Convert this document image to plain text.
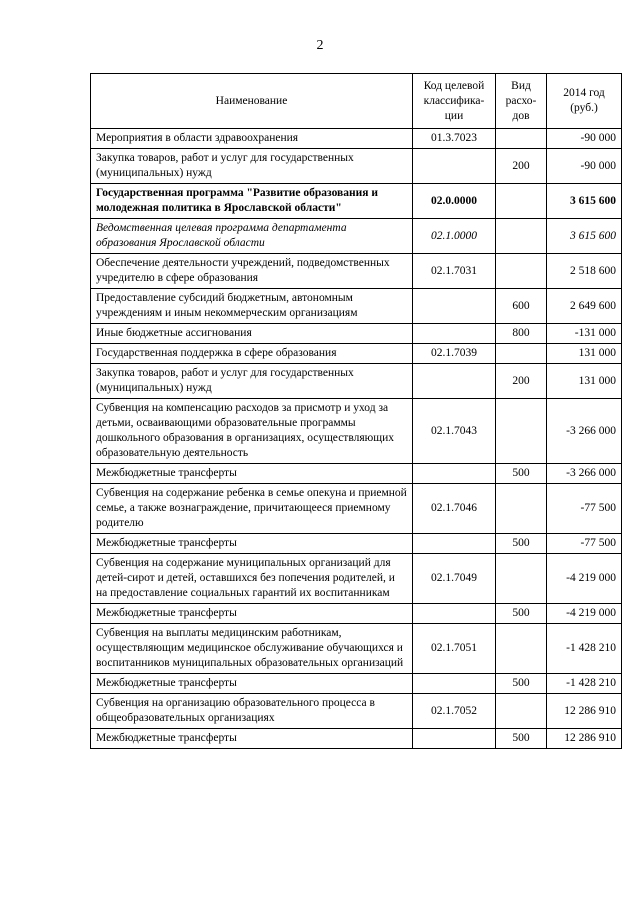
2
Наименование	Код целевой классифика-ции	Вид расхо-дов	2014 год (руб.)
Мероприятия в области здравоохранения	01.3.7023		-90 000
Закупка товаров, работ и услуг для государственных (муниципальных) нужд		200	-90 000
Государственная программа "Развитие образования и молодежная политика в Ярославской области"	02.0.0000		3 615 600
Ведомственная целевая программа департамента образования Ярославской области	02.1.0000		3 615 600
Обеспечение деятельности учреждений, подведомственных учредителю в сфере образования	02.1.7031		2 518 600
Предоставление субсидий бюджетным, автономным учреждениям и иным некоммерческим организациям		600	2 649 600
Иные бюджетные ассигнования		800	-131 000
Государственная поддержка в сфере образования	02.1.7039		131 000
Закупка товаров, работ и услуг для государственных (муниципальных) нужд		200	131 000
Субвенция на компенсацию расходов за присмотр и уход за детьми, осваивающими образовательные программы дошкольного образования в организациях, осуществляющих образовательную деятельность	02.1.7043		-3 266 000
Межбюджетные трансферты		500	-3 266 000
Субвенция на содержание ребенка в семье опекуна и приемной семье, а также вознаграждение, причитающееся приемному родителю	02.1.7046		-77 500
Межбюджетные трансферты		500	-77 500
Субвенция на содержание муниципальных организаций для детей-сирот и детей, оставшихся без попечения родителей, и на предоставление социальных гарантий их воспитанникам	02.1.7049		-4 219 000
Межбюджетные трансферты		500	-4 219 000
Субвенция на выплаты медицинским работникам, осуществляющим медицинское обслуживание обучающихся и воспитанников муниципальных образовательных организаций	02.1.7051		-1 428 210
Межбюджетные трансферты		500	-1 428 210
Субвенция на организацию образовательного процесса в общеобразовательных организациях	02.1.7052		12 286 910
Межбюджетные трансферты		500	12 286 910
